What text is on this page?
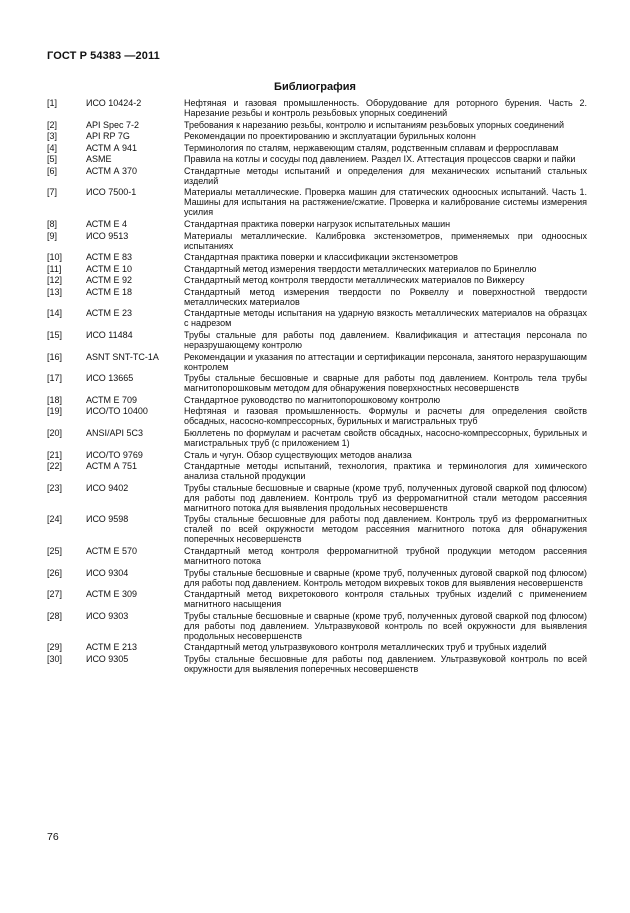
ГОСТ Р 54383 —2011
Библиография
[1]	ИСО 10424-2	Нефтяная и газовая промышленность. Оборудование для роторного бурения. Часть 2. Нарезание резьбы и контроль резьбовых упорных соединений
[2]	API Spec 7-2	Требования к нарезанию резьбы, контролю и испытаниям резьбовых упорных соединений
[3]	API RP 7G	Рекомендации по проектированию и эксплуатации бурильных колонн
[4]	АСТМ А 941	Терминология по сталям, нержавеющим сталям, родственным сплавам и ферросплавам
[5]	ASME	Правила на котлы и сосуды под давлением. Раздел IX. Аттестация процессов сварки и пайки
[6]	АСТМ А 370	Стандартные методы испытаний и определения для механических испытаний стальных изделий
[7]	ИСО 7500-1	Материалы металлические. Проверка машин для статических одноосных испытаний. Часть 1. Машины для испытания на растяжение/сжатие. Проверка и калибрование системы измерения усилия
[8]	АСТМ Е 4	Стандартная практика поверки нагрузок испытательных машин
[9]	ИСО 9513	Материалы металлические. Калибровка экстензометров, применяемых при одноосных испытаниях
[10]	АСТМ Е 83	Стандартная практика поверки и классификации экстензометров
[11]	АСТМ Е 10	Стандартный метод измерения твердости металлических материалов по Бринеллю
[12]	АСТМ Е 92	Стандартный метод контроля твердости металлических материалов по Виккерсу
[13]	АСТМ Е 18	Стандартный метод измерения твердости по Роквеллу и поверхностной твердости металлических материалов
[14]	АСТМ Е 23	Стандартные методы испытания на ударную вязкость металлических материалов на образцах с надрезом
[15]	ИСО 11484	Трубы стальные для работы под давлением. Квалификация и аттестация персонала по неразрушающему контролю
[16]	ASNT SNT-TC-1A	Рекомендации и указания по аттестации и сертификации персонала, занятого неразрушающим контролем
[17]	ИСО 13665	Трубы стальные бесшовные и сварные для работы под давлением. Контроль тела трубы магнитопорошковым методом для обнаружения поверхностных несовершенств
[18]	АСТМ Е 709	Стандартное руководство по магнитопорошковому контролю
[19]	ИСО/ТО 10400	Нефтяная и газовая промышленность. Формулы и расчеты для определения свойств обсадных, насосно-компрессорных, бурильных и магистральных труб
[20]	ANSI/API 5C3	Бюллетень по формулам и расчетам свойств обсадных, насосно-компрессорных, бурильных и магистральных труб (с приложением 1)
[21]	ИСО/ТО 9769	Сталь и чугун. Обзор существующих методов анализа
[22]	АСТМ А 751	Стандартные методы испытаний, технология, практика и терминология для химического анализа стальной продукции
[23]	ИСО 9402	Трубы стальные бесшовные и сварные (кроме труб, полученных дуговой сваркой под флюсом) для работы под давлением. Контроль труб из ферромагнитной стали методом рассеяния магнитного потока для выявления продольных несовершенств
[24]	ИСО 9598	Трубы стальные бесшовные для работы под давлением. Контроль труб из ферромагнитных сталей по всей окружности методом рассеяния магнитного потока для обнаружения поперечных несовершенств
[25]	АСТМ Е 570	Стандартный метод контроля ферромагнитной трубной продукции методом рассеяния магнитного потока
[26]	ИСО 9304	Трубы стальные бесшовные и сварные (кроме труб, полученных дуговой сваркой под флюсом) для работы под давлением. Контроль методом вихревых токов для выявления несовершенств
[27]	АСТМ Е 309	Стандартный метод вихретокового контроля стальных трубных изделий с применением магнитного насыщения
[28]	ИСО 9303	Трубы стальные бесшовные и сварные (кроме труб, полученных дуговой сваркой под флюсом) для работы под давлением. Ультразвуковой контроль по всей окружности для выявления продольных несовершенств
[29]	АСТМ Е 213	Стандартный метод ультразвукового контроля металлических труб и трубных изделий
[30]	ИСО 9305	Трубы стальные бесшовные для работы под давлением. Ультразвуковой контроль по всей окружности для выявления поперечных несовершенств
76
